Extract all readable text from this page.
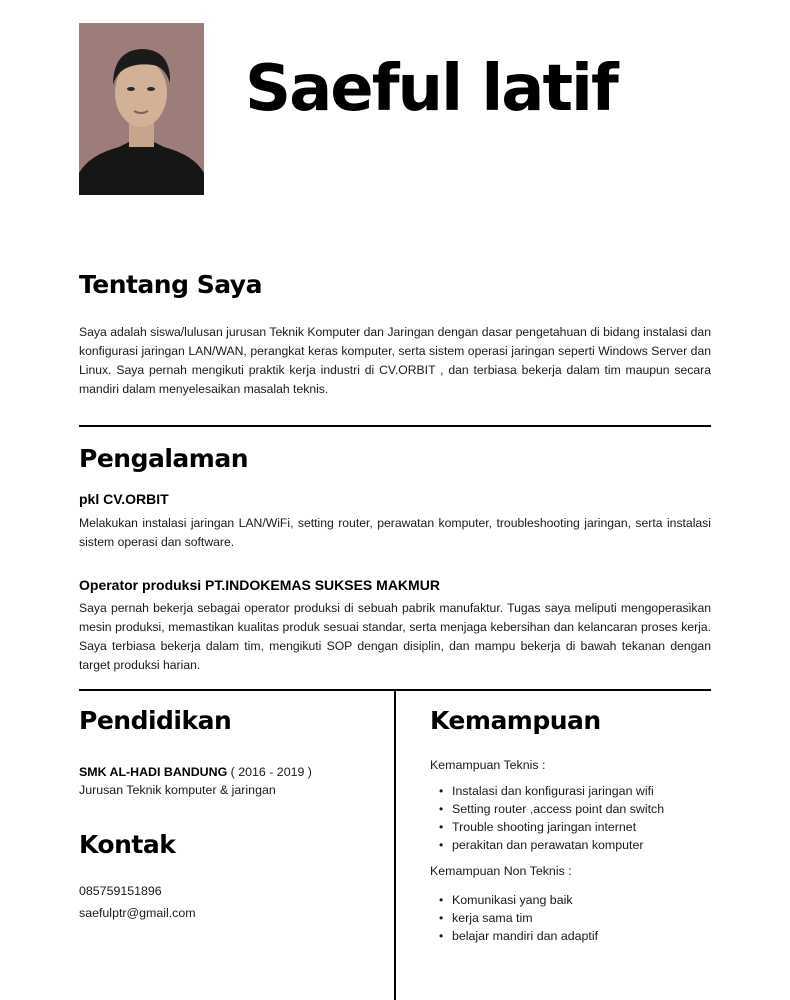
Saeful latif
Tentang Saya

Saya adalah siswa/lulusan jurusan Teknik Komputer dan Jaringan dengan dasar pengetahuan di bidang instalasi dan konfigurasi jaringan LAN/WAN, perangkat keras komputer, serta sistem operasi jaringan seperti Windows Server dan Linux. Saya pernah mengikuti praktik kerja industri di CV.ORBIT , dan terbiasa bekerja dalam tim maupun secara mandiri dalam menyelesaikan masalah teknis.

Pengalaman

pkl CV.ORBIT

Melakukan instalasi jaringan LAN/WiFi, setting router, perawatan komputer, troubleshooting jaringan, serta instalasi sistem operasi dan software.

Operator produksi PT.INDOKEMAS SUKSES MAKMUR

Saya pernah bekerja sebagai operator produksi di sebuah pabrik manufaktur. Tugas saya meliputi mengoperasikan mesin produksi, memastikan kualitas produk sesuai standar, serta menjaga kebersihan dan kelancaran proses kerja. Saya terbiasa bekerja dalam tim, mengikuti SOP dengan disiplin, dan mampu bekerja di bawah tekanan dengan target produksi harian.

Pendidikan

SMK AL-HADI BANDUNG ( 2016 - 2019 )

Jurusan Teknik komputer & jaringan

Kontak

085759151896

saefulptr@gmail.com

Kemampuan

Kemampuan Teknis :

• Instalasi dan konfigurasi jaringan wifi
• Setting router ,access point dan switch
• Trouble shooting jaringan internet
• perakitan dan perawatan komputer

Kemampuan Non Teknis :

• Komunikasi yang baik
• kerja sama tim
• belajar mandiri dan adaptif
